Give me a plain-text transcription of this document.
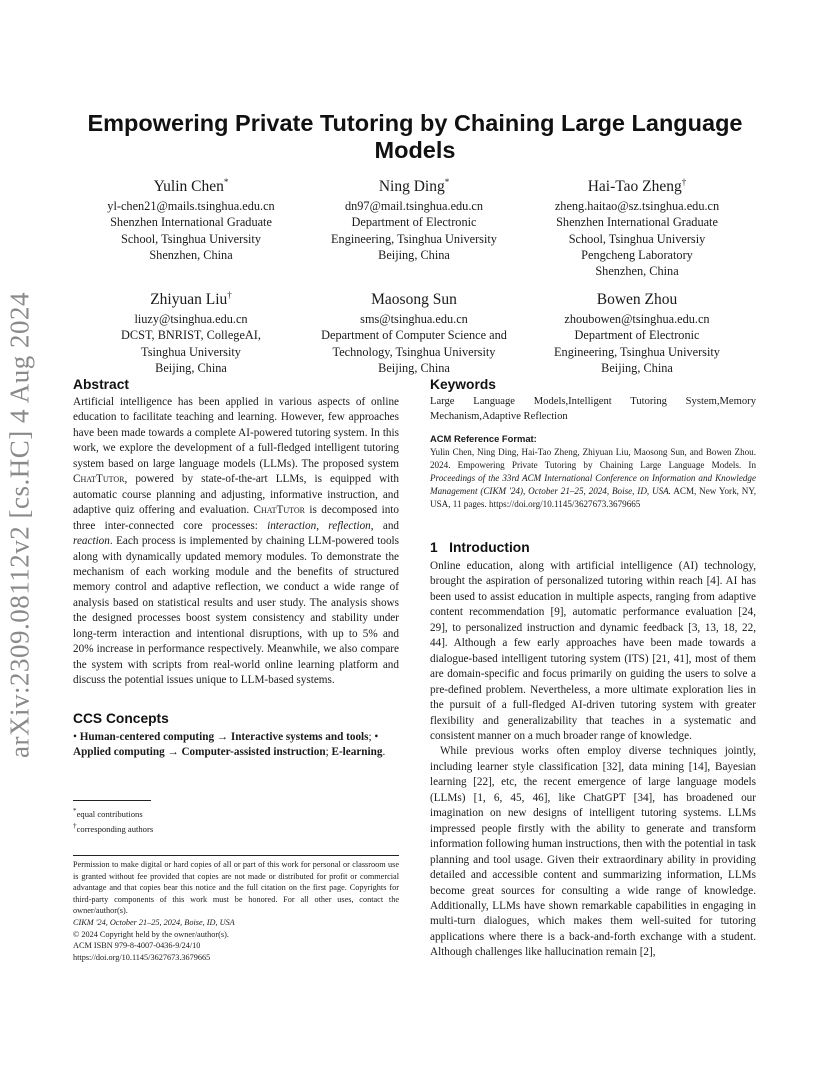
arXiv:2309.08112v2 [cs.HC] 4 Aug 2024
Empowering Private Tutoring by Chaining Large Language Models
Yulin Chen*
yl-chen21@mails.tsinghua.edu.cn
Shenzhen International Graduate
School, Tsinghua University
Shenzhen, China
Ning Ding*
dn97@mail.tsinghua.edu.cn
Department of Electronic
Engineering, Tsinghua University
Beijing, China
Hai-Tao Zheng†
zheng.haitao@sz.tsinghua.edu.cn
Shenzhen International Graduate
School, Tsinghua Universiy
Pengcheng Laboratory
Shenzhen, China
Zhiyuan Liu†
liuzy@tsinghua.edu.cn
DCST, BNRIST, CollegeAI,
Tsinghua University
Beijing, China
Maosong Sun
sms@tsinghua.edu.cn
Department of Computer Science and
Technology, Tsinghua University
Beijing, China
Bowen Zhou
zhoubowen@tsinghua.edu.cn
Department of Electronic
Engineering, Tsinghua University
Beijing, China
Abstract

Artificial intelligence has been applied in various aspects of online education to facilitate teaching and learning. However, few approaches have been made towards a complete AI-powered tutoring system. In this work, we explore the development of a full-fledged intelligent tutoring system based on large language models (LLMs). The proposed system ChatTutor, powered by state-of-the-art LLMs, is equipped with automatic course planning and adjusting, informative instruction, and adaptive quiz offering and evaluation. ChatTutor is decomposed into three inter-connected core processes: interaction, reflection, and reaction. Each process is implemented by chaining LLM-powered tools along with dynamically updated memory modules. To demonstrate the mechanism of each working module and the benefits of structured memory control and adaptive reflection, we conduct a wide range of analysis based on statistical results and user study. The analysis shows the designed processes boost system consistency and stability under long-term interaction and intentional disruptions, with up to 5% and 20% increase in performance respectively. Meanwhile, we also compare the system with scripts from real-world online learning platform and discuss the potential issues unique to LLM-based systems.

CCS Concepts

• Human-centered computing → Interactive systems and tools; • Applied computing → Computer-assisted instruction; E-learning.

*equal contributions
†corresponding authors
Permission to make digital or hard copies of all or part of this work for personal or classroom use is granted without fee provided that copies are not made or distributed for profit or commercial advantage and that copies bear this notice and the full citation on the first page. Copyrights for third-party components of this work must be honored. For all other uses, contact the owner/author(s).
CIKM '24, October 21–25, 2024, Boise, ID, USA
© 2024 Copyright held by the owner/author(s).
ACM ISBN 979-8-4007-0436-9/24/10
https://doi.org/10.1145/3627673.3679665
Keywords

Large Language Models,Intelligent Tutoring System,Memory Mechanism,Adaptive Reflection

ACM Reference Format:

Yulin Chen, Ning Ding, Hai-Tao Zheng, Zhiyuan Liu, Maosong Sun, and Bowen Zhou. 2024. Empowering Private Tutoring by Chaining Large Language Models. In Proceedings of the 33rd ACM International Conference on Information and Knowledge Management (CIKM '24), October 21–25, 2024, Boise, ID, USA. ACM, New York, NY, USA, 11 pages. https://doi.org/10.1145/3627673.3679665

1   Introduction

Online education, along with artificial intelligence (AI) technology, brought the aspiration of personalized tutoring within reach [4]. AI has been used to assist education in multiple aspects, ranging from adaptive content recommendation [9], automatic performance evaluation [24, 29], to personalized instruction and dynamic feedback [3, 13, 18, 22, 44]. Although a few early approaches have been made towards a dialogue-based intelligent tutoring system (ITS) [21, 41], most of them are domain-specific and focus primarily on guiding the users to solve a pre-defined problem. Nevertheless, a more ultimate exploration lies in the pursuit of a full-fledged AI-driven tutoring system with greater flexibility and generalizability that teaches in a systematic and consistent manner on a much broader range of knowledge.

While previous works often employ diverse techniques jointly, including learner style classification [32], data mining [14], Bayesian learning [22], etc, the recent emergence of large language models (LLMs) [1, 6, 45, 46], like ChatGPT [34], has broadened our imagination on new designs of intelligent tutoring systems. LLMs impressed people firstly with the ability to generate and transform information following human instructions, then with the potential in task planning and tool usage. Given their extraordinary ability in providing detailed and accessible content and summarizing information, LLMs become great sources for consulting a wide range of knowledge. Additionally, LLMs have shown remarkable capabilities in engaging in multi-turn dialogues, which makes them well-suited for tutoring applications where there is a back-and-forth exchange with a student. Although challenges like hallucination remain [2],
